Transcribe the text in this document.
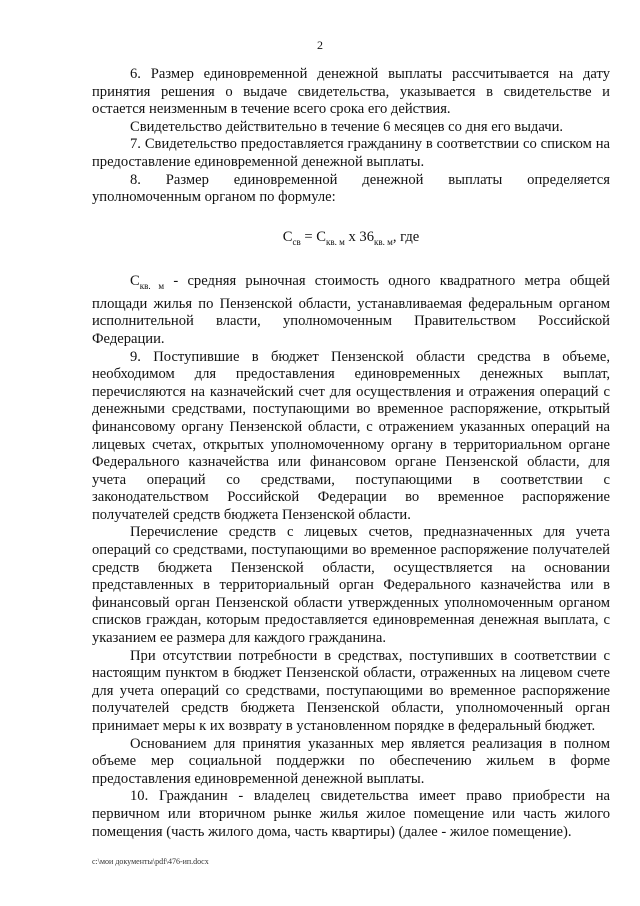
2

6. Размер единовременной денежной выплаты рассчитывается на дату принятия решения о выдаче свидетельства, указывается в свидетельстве и остается неизменным в течение всего срока его действия.

Свидетельство действительно в течение 6 месяцев со дня его выдачи.

7. Свидетельство предоставляется гражданину в соответствии со списком на предоставление единовременной денежной выплаты.

8. Размер единовременной денежной выплаты определяется уполномоченным органом по формуле:

$С_{св} = С_{кв. м}$ х $36_{кв. м}$, где

$С_{кв. м}$ - средняя рыночная стоимость одного квадратного метра общей площади жилья по Пензенской области, устанавливаемая федеральным органом исполнительной власти, уполномоченным Правительством Российской Федерации.

9. Поступившие в бюджет Пензенской области средства в объеме, необходимом для предоставления единовременных денежных выплат, перечисляются на казначейский счет для осуществления и отражения операций с денежными средствами, поступающими во временное распоряжение, открытый финансовому органу Пензенской области, с отражением указанных операций на лицевых счетах, открытых уполномоченному органу в территориальном органе Федерального казначейства или финансовом органе Пензенской области, для учета операций со средствами, поступающими в соответствии с законодательством Российской Федерации во временное распоряжение получателей средств бюджета Пензенской области.

Перечисление средств с лицевых счетов, предназначенных для учета операций со средствами, поступающими во временное распоряжение получателей средств бюджета Пензенской области, осуществляется на основании представленных в территориальный орган Федерального казначейства или в финансовый орган Пензенской области утвержденных уполномоченным органом списков граждан, которым предоставляется единовременная денежная выплата, с указанием ее размера для каждого гражданина.

При отсутствии потребности в средствах, поступивших в соответствии с настоящим пунктом в бюджет Пензенской области, отраженных на лицевом счете для учета операций со средствами, поступающими во временное распоряжение получателей средств бюджета Пензенской области, уполномоченный орган принимает меры к их возврату в установленном порядке в федеральный бюджет.

Основанием для принятия указанных мер является реализация в полном объеме мер социальной поддержки по обеспечению жильем в форме предоставления единовременной денежной выплаты.

10. Гражданин - владелец свидетельства имеет право приобрести на первичном или вторичном рынке жилья жилое помещение или часть жилого помещения (часть жилого дома, часть квартиры) (далее - жилое помещение).

c:\мои документы\pdf\476-ип.docx
